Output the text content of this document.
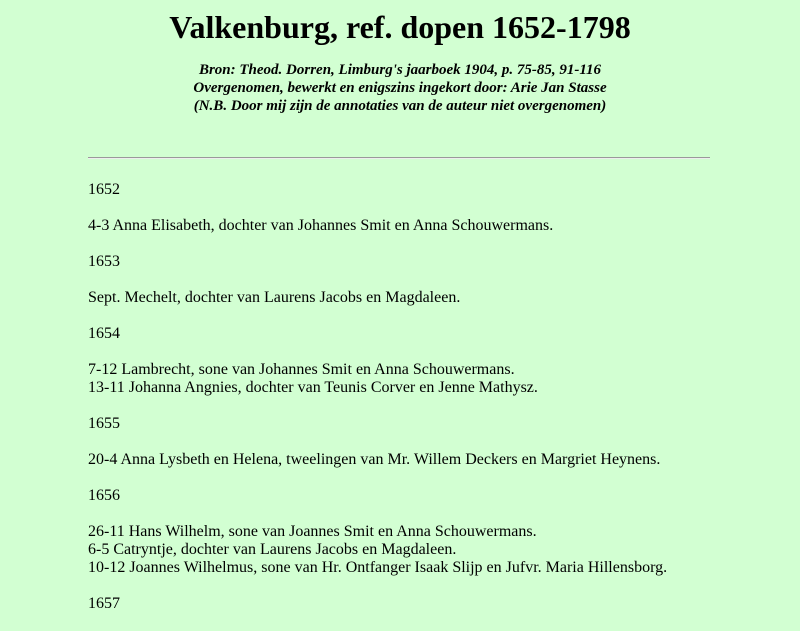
Valkenburg, ref. dopen 1652-1798
Bron: Theod. Dorren, Limburg's jaarboek 1904, p. 75-85, 91-116
Overgenomen, bewerkt en enigszins ingekort door: Arie Jan Stasse
(N.B. Door mij zijn de annotaties van de auteur niet overgenomen)

1652

4-3 Anna Elisabeth, dochter van Johannes Smit en Anna Schouwermans.

1653

Sept. Mechelt, dochter van Laurens Jacobs en Magdaleen.

1654

7-12 Lambrecht, sone van Johannes Smit en Anna Schouwermans.
13-11 Johanna Angnies, dochter van Teunis Corver en Jenne Mathysz.

1655

20-4 Anna Lysbeth en Helena, tweelingen van Mr. Willem Deckers en Margriet Heynens.

1656

26-11 Hans Wilhelm, sone van Joannes Smit en Anna Schouwermans.
6-5 Catryntje, dochter van Laurens Jacobs en Magdaleen.
10-12 Joannes Wilhelmus, sone van Hr. Ontfanger Isaak Slijp en Jufvr. Maria Hillensborg.

1657
